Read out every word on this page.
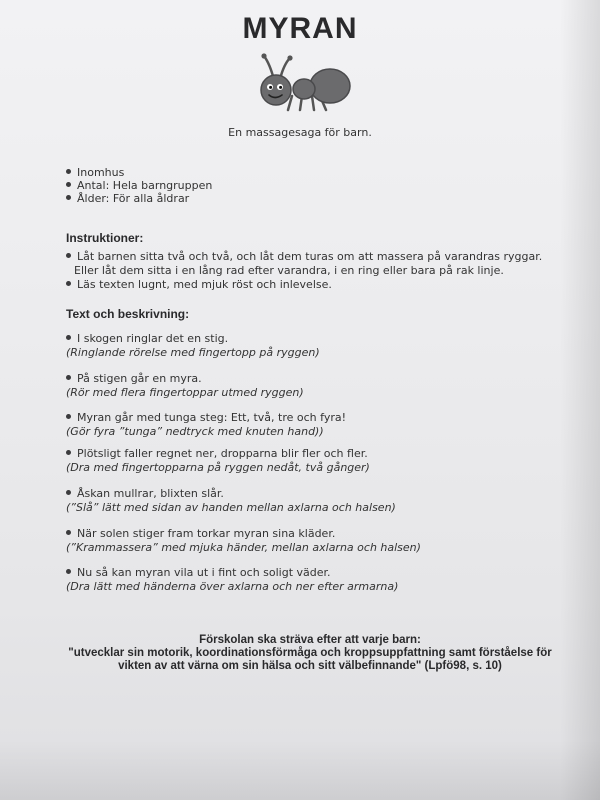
MYRAN
En massagesaga för barn.
Inomhus
Antal: Hela barngruppen
Ålder: För alla åldrar
Instruktioner:
Låt barnen sitta två och två, och låt dem turas om att massera på varandras ryggar.
Eller låt dem sitta i en lång rad efter varandra, i en ring eller bara på rak linje.
Läs texten lugnt, med mjuk röst och inlevelse.
Text och beskrivning:
I skogen ringlar det en stig.
(Ringlande rörelse med fingertopp på ryggen)
På stigen går en myra.
(Rör med flera fingertoppar utmed ryggen)
Myran går med tunga steg: Ett, två, tre och fyra!
(Gör fyra ”tunga” nedtryck med knuten hand))
Plötsligt faller regnet ner, dropparna blir fler och fler.
(Dra med fingertopparna på ryggen nedåt, två gånger)
Åskan mullrar, blixten slår.
(”Slå” lätt med sidan av handen mellan axlarna och halsen)
När solen stiger fram torkar myran sina kläder.
(”Krammassera” med mjuka händer, mellan axlarna och halsen)
Nu så kan myran vila ut i fint och soligt väder.
(Dra lätt med händerna över axlarna och ner efter armarna)
Förskolan ska sträva efter att varje barn:
"utvecklar sin motorik, koordinationsförmåga och kroppsuppfattning samt förståelse för
vikten av att värna om sin hälsa och sitt välbefinnande" (Lpfö98, s. 10)
